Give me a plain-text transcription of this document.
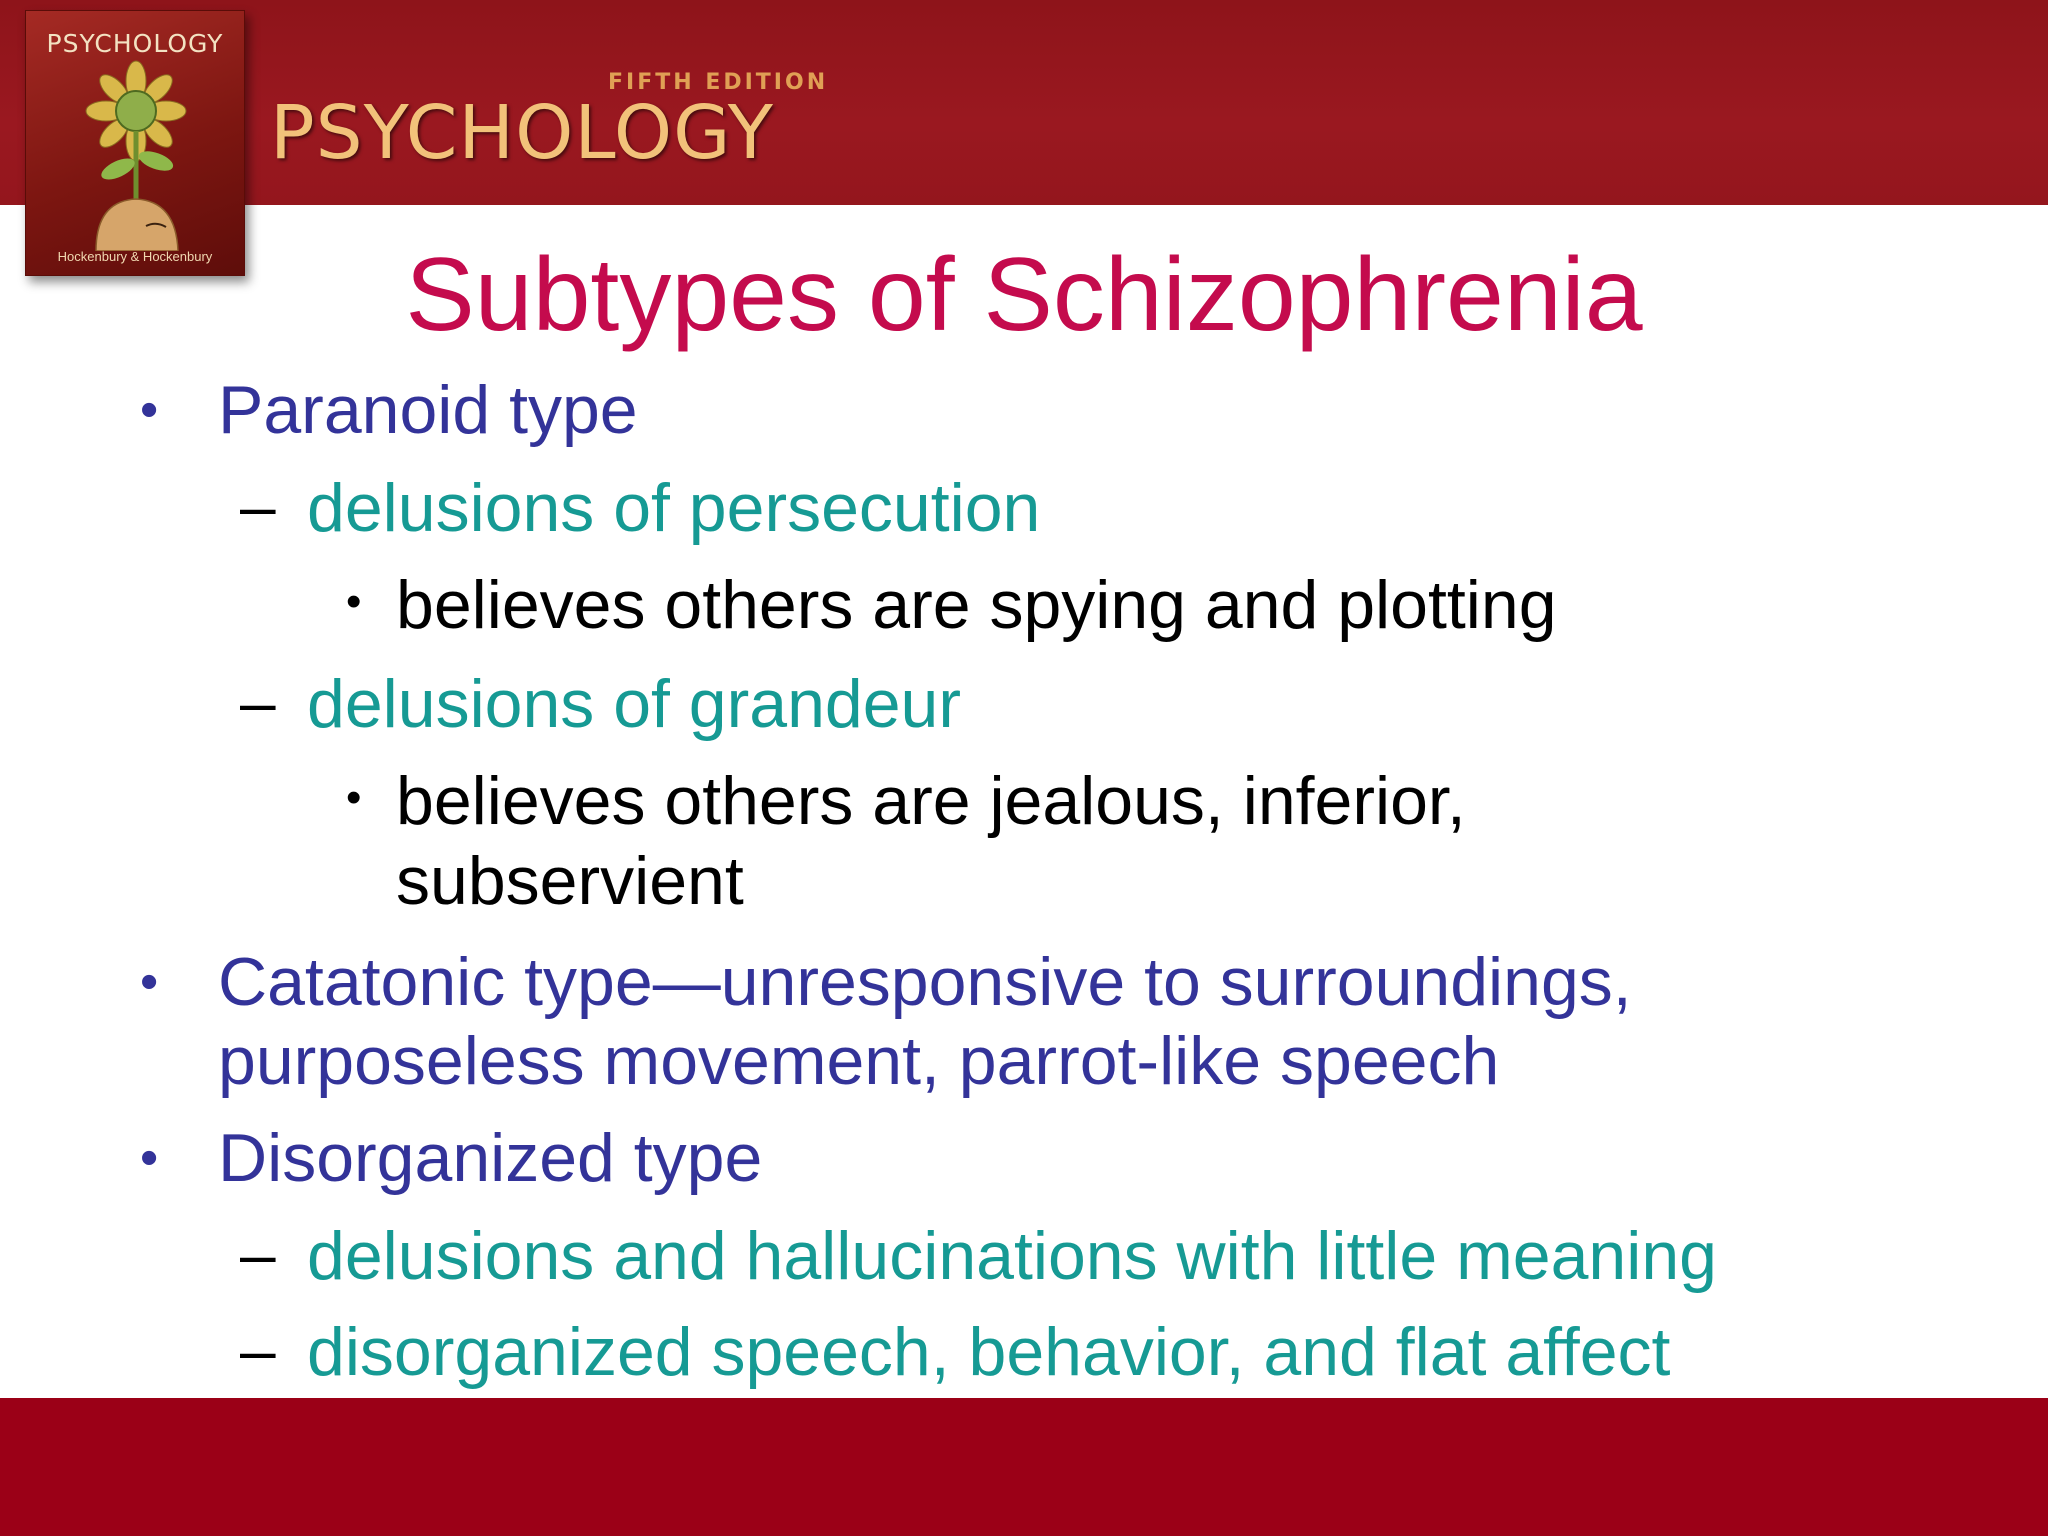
PSYCHOLOGY
Hockenbury & Hockenbury
FIFTH EDITION
PSYCHOLOGY
Subtypes of Schizophrenia
• Paranoid type
– delusions of persecution
• believes others are spying and plotting
– delusions of grandeur
• believes others are jealous, inferior,
subservient
• Catatonic type—unresponsive to surroundings,
purposeless movement, parrot-like speech
• Disorganized type
– delusions and hallucinations with little meaning
– disorganized speech, behavior, and flat affect
